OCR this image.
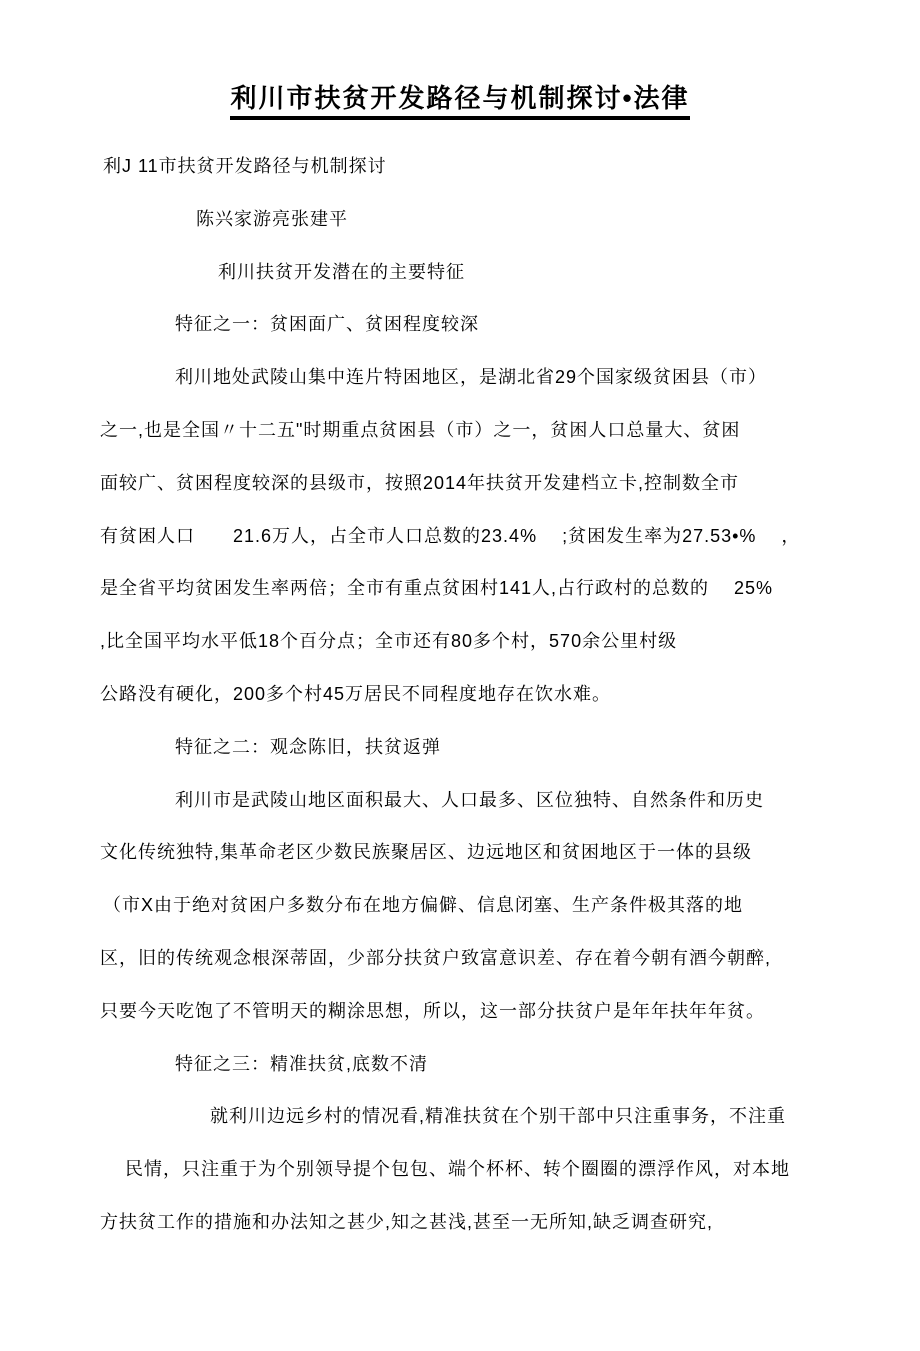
利川市扶贫开发路径与机制探讨•法律
利J 11市扶贫开发路径与机制探讨
陈兴家游亮张建平
利川扶贫开发潜在的主要特征
特征之一：贫困面广、贫困程度较深
利川地处武陵山集中连片特困地区，是湖北省29个国家级贫困县（市）
之一,也是全国〃十二五"时期重点贫困县（市）之一，贫困人口总量大、贫困
面较广、贫困程度较深的县级市，按照2014年扶贫开发建档立卡,控制数全市
有贫困人口　　21.6万人，占全市人口总数的23.4%　 ;贫困发生率为27.53•%　 ，
是全省平均贫困发生率两倍；全市有重点贫困村141人,占行政村的总数的　 25%
,比全国平均水平低18个百分点；全市还有80多个村，570余公里村级
公路没有硬化，200多个村45万居民不同程度地存在饮水难。
特征之二：观念陈旧，扶贫返弹
利川市是武陵山地区面积最大、人口最多、区位独特、自然条件和历史
文化传统独特,集革命老区少数民族聚居区、边远地区和贫困地区于一体的县级
（市X由于绝对贫困户多数分布在地方偏僻、信息闭塞、生产条件极其落的地
区，旧的传统观念根深蒂固，少部分扶贫户致富意识差、存在着今朝有酒今朝醉,
只要今天吃饱了不管明天的糊涂思想，所以，这一部分扶贫户是年年扶年年贫。
特征之三：精准扶贫,底数不清
就利川边远乡村的情况看,精准扶贫在个别干部中只注重事务，不注重
民情，只注重于为个别领导提个包包、端个杯杯、转个圈圈的漂浮作风，对本地
方扶贫工作的措施和办法知之甚少,知之甚浅,甚至一无所知,缺乏调查研究,
